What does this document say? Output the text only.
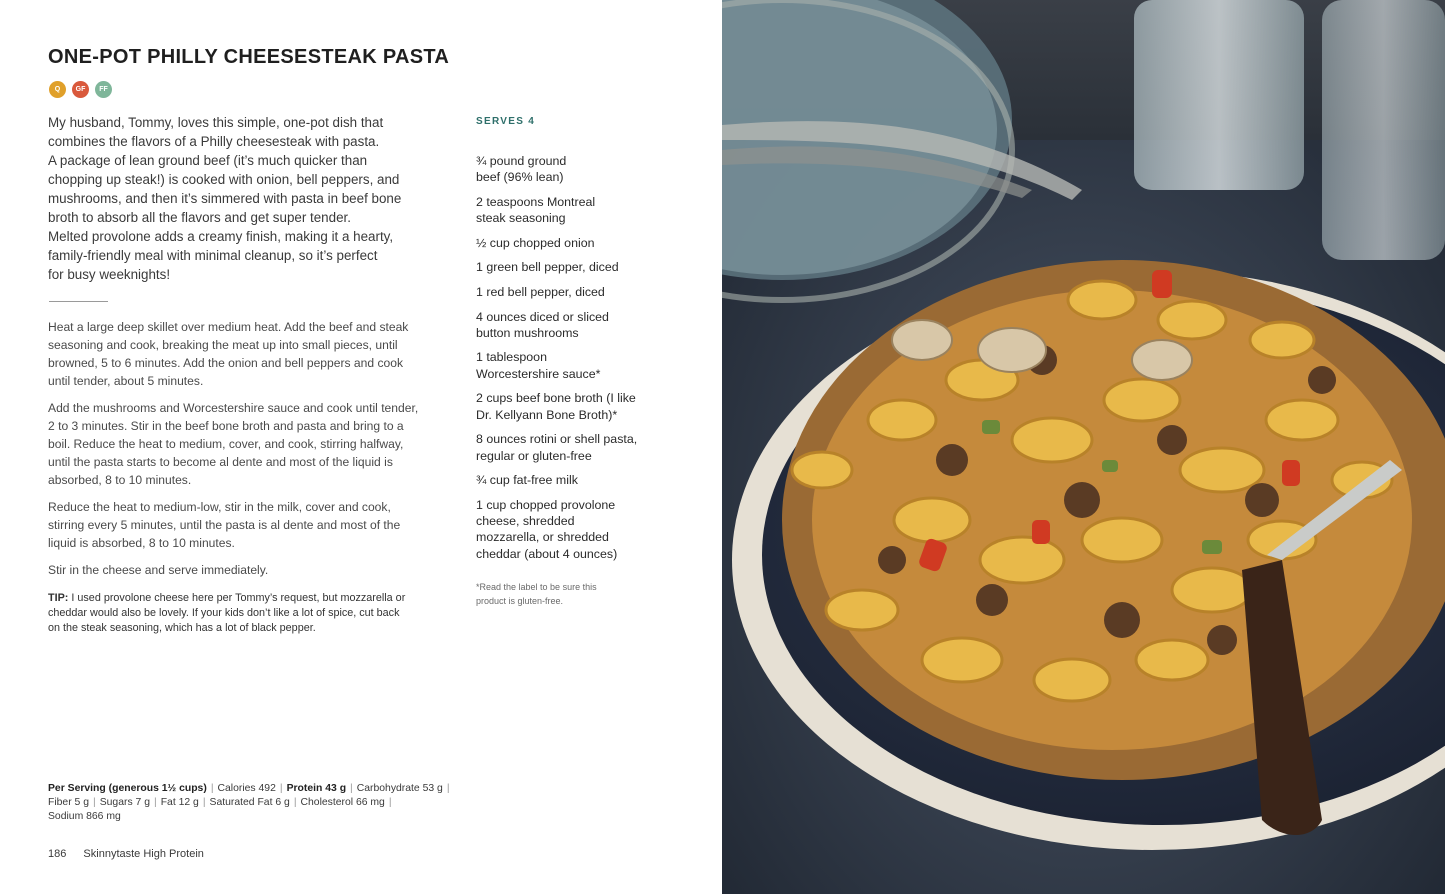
ONE-POT PHILLY CHEESESTEAK PASTA
Q	GF	FF

My husband, Tommy, loves this simple, one-pot dish that
combines the flavors of a Philly cheesesteak with pasta.
A package of lean ground beef (it’s much quicker than
chopping up steak!) is cooked with onion, bell peppers, and
mushrooms, and then it’s simmered with pasta in beef bone
broth to absorb all the flavors and get super tender.
Melted provolone adds a creamy finish, making it a hearty,
family-friendly meal with minimal cleanup, so it’s perfect
for busy weeknights!

Heat a large deep skillet over medium heat. Add the beef and steak
seasoning and cook, breaking the meat up into small pieces, until
browned, 5 to 6 minutes. Add the onion and bell peppers and cook
until tender, about 5 minutes.

Add the mushrooms and Worcestershire sauce and cook until tender,
2 to 3 minutes. Stir in the beef bone broth and pasta and bring to a
boil. Reduce the heat to medium, cover, and cook, stirring halfway,
until the pasta starts to become al dente and most of the liquid is
absorbed, 8 to 10 minutes.

Reduce the heat to medium-low, stir in the milk, cover and cook,
stirring every 5 minutes, until the pasta is al dente and most of the
liquid is absorbed, 8 to 10 minutes.

Stir in the cheese and serve immediately.

TIP: I used provolone cheese here per Tommy’s request, but mozzarella or
cheddar would also be lovely. If your kids don’t like a lot of spice, cut back
on the steak seasoning, which has a lot of black pepper.

SERVES 4
¾ pound ground
beef (96% lean)
2 teaspoons Montreal
steak seasoning
½ cup chopped onion
1 green bell pepper, diced
1 red bell pepper, diced
4 ounces diced or sliced
button mushrooms
1 tablespoon
Worcestershire sauce*
2 cups beef bone broth (I like
Dr. Kellyann Bone Broth)*
8 ounces rotini or shell pasta,
regular or gluten-free
¾ cup fat-free milk
1 cup chopped provolone
cheese, shredded
mozzarella, or shredded
cheddar (about 4 ounces)

*Read the label to be sure this
product is gluten-free.

Per Serving (generous 1½ cups) | Calories 492 | Protein 43 g | Carbohydrate 53 g |
Fiber 5 g | Sugars 7 g | Fat 12 g | Saturated Fat 6 g | Cholesterol 66 mg |
Sodium 866 mg
186 Skinnytaste High Protein
